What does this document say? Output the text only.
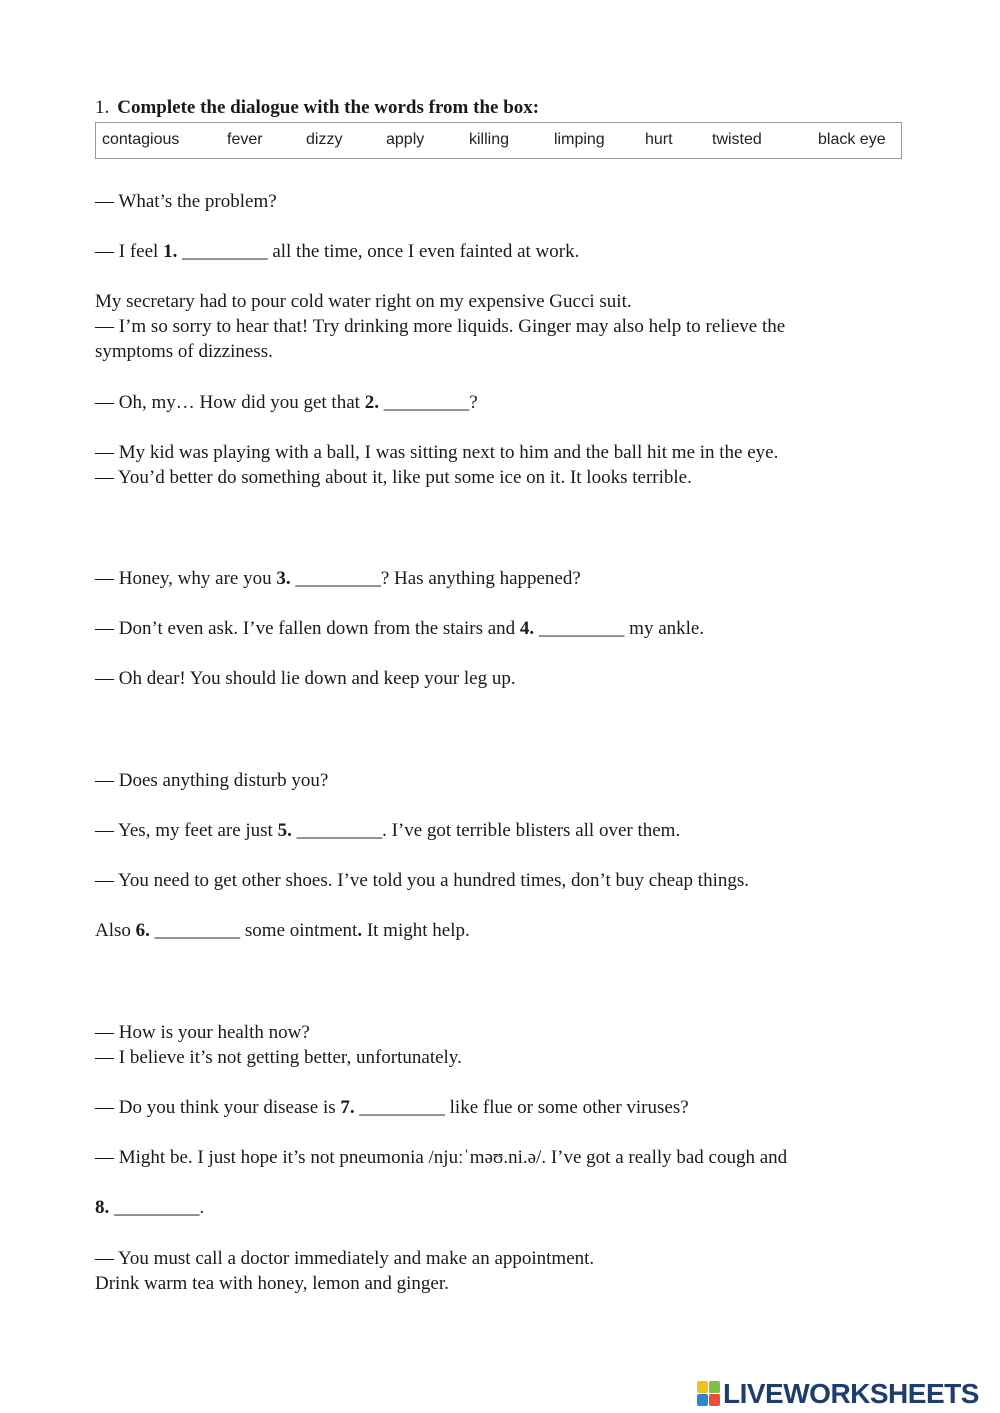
1. Complete the dialogue with the words from the box:
contagious	fever	dizzy	apply	killing	limping	hurt twisted	black eye
— What’s the problem?
— I feel 1. _________ all the time, once I even fainted at work.
My secretary had to pour cold water right on my expensive Gucci suit.
— I’m so sorry to hear that! Try drinking more liquids. Ginger may also help to relieve the
symptoms of dizziness.
— Oh, my… How did you get that 2. _________?
— My kid was playing with a ball, I was sitting next to him and the ball hit me in the eye.
— You’d better do something about it, like put some ice on it. It looks terrible.
— Honey, why are you 3. _________? Has anything happened?
— Don’t even ask. I’ve fallen down from the stairs and 4. _________ my ankle.
— Oh dear! You should lie down and keep your leg up.
— Does anything disturb you?
— Yes, my feet are just 5. _________. I’ve got terrible blisters all over them.
— You need to get other shoes. I’ve told you a hundred times, don’t buy cheap things.
Also 6. _________ some ointment. It might help.
— How is your health now?
— I believe it’s not getting better, unfortunately.
— Do you think your disease is 7. _________ like flue or some other viruses?
— Might be. I just hope it’s not pneumonia /njuːˈməʊ.ni.ə/. I’ve got a really bad cough and
8. _________.
— You must call a doctor immediately and make an appointment.
Drink warm tea with honey, lemon and ginger.
LIVEWORKSHEETS
